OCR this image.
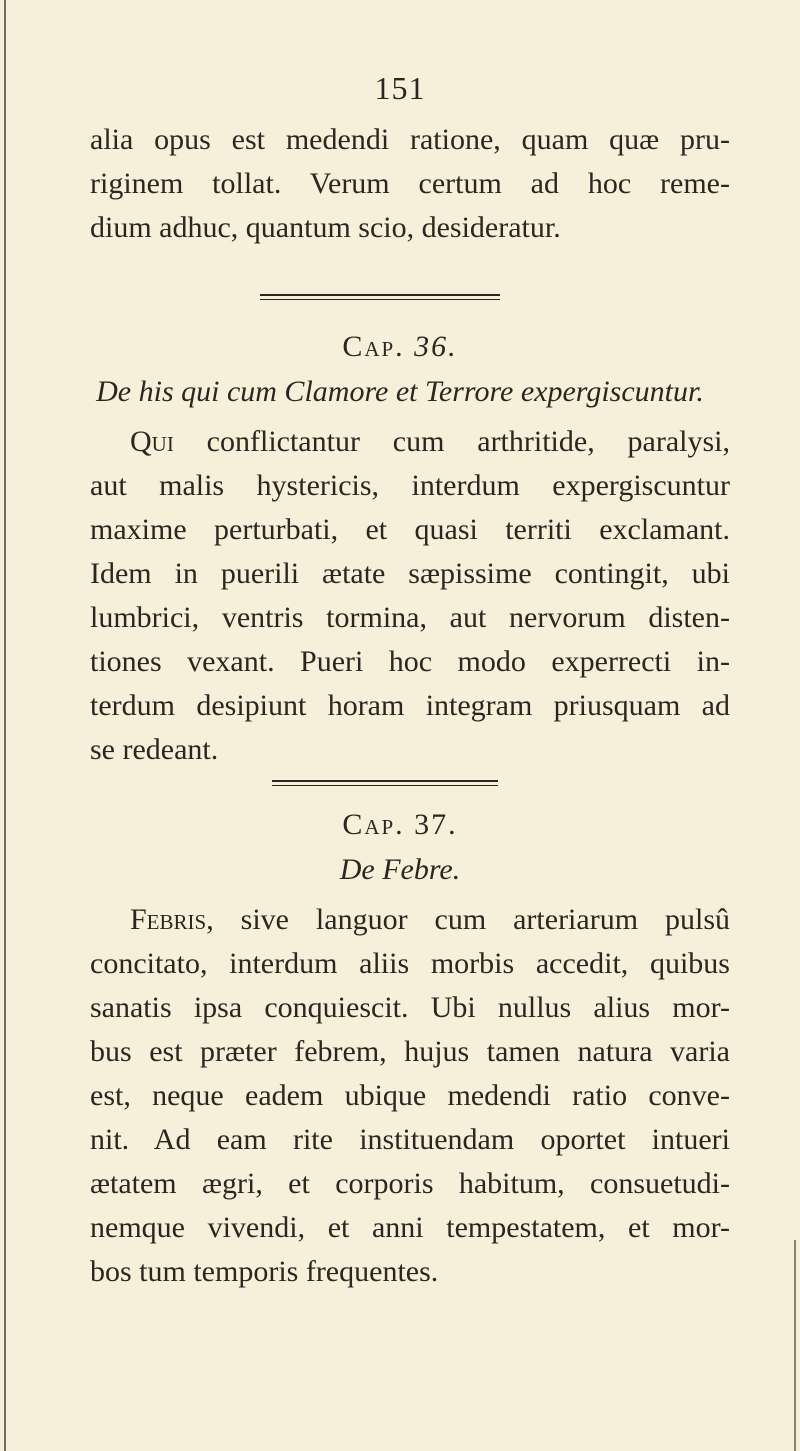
151
alia opus est medendi ratione, quam quæ pru-
riginem tollat. Verum certum ad hoc reme-
dium adhuc, quantum scio, desideratur.
Cap. 36.
De his qui cum Clamore et Terrore expergiscuntur.
Qui conflictantur cum arthritide, paralysi,
aut malis hystericis, interdum expergiscuntur
maxime perturbati, et quasi territi exclamant.
Idem in puerili ætate sæpissime contingit, ubi
lumbrici, ventris tormina, aut nervorum disten-
tiones vexant. Pueri hoc modo experrecti in-
terdum desipiunt horam integram priusquam ad
se redeant.
Cap. 37.
De Febre.
Febris, sive languor cum arteriarum pulsû
concitato, interdum aliis morbis accedit, quibus
sanatis ipsa conquiescit. Ubi nullus alius mor-
bus est præter febrem, hujus tamen natura varia
est, neque eadem ubique medendi ratio conve-
nit. Ad eam rite instituendam oportet intueri
ætatem ægri, et corporis habitum, consuetudi-
nemque vivendi, et anni tempestatem, et mor-
bos tum temporis frequentes.
